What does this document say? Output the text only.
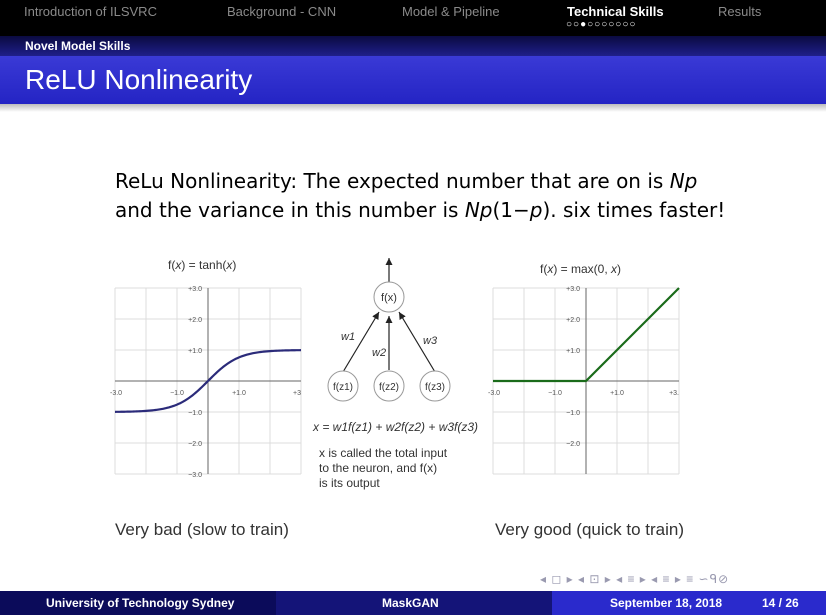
Introduction of ILSVRC	Background - CNN	Model & Pipeline	Technical Skills	Results
○○●○○○○○○○
Novel Model Skills
ReLU Nonlinearity
ReLu Nonlinearity: The expected number that are on is Np
and the variance in this number is Np(1−p). six times faster!
f(x) = tanh(x)	f(x) = max(0, x)
-3.0	−1.0	+1.0	+3
+3.0
+2.0
+1.0
−1.0
−2.0
−3.0
-3.0	−1.0	+1.0	+3.
+3.0
+2.0
+1.0
−1.0
−2.0
f(x)
f(z1)	f(z2)	f(z3)
w1
w2
w3
x = w1f(z1) + w2f(z2) + w3f(z3)
x is called the total input
to the neuron, and f(x)
is its output
Very bad (slow to train)	Very good (quick to train)
◂ ◻ ▸ ◂ ⊡ ▸ ◂ ≡ ▸ ◂ ≡ ▸ ≡ ∽ᑫ⊘
University of Technology Sydney	MaskGAN	September 18, 2018	14 / 26
